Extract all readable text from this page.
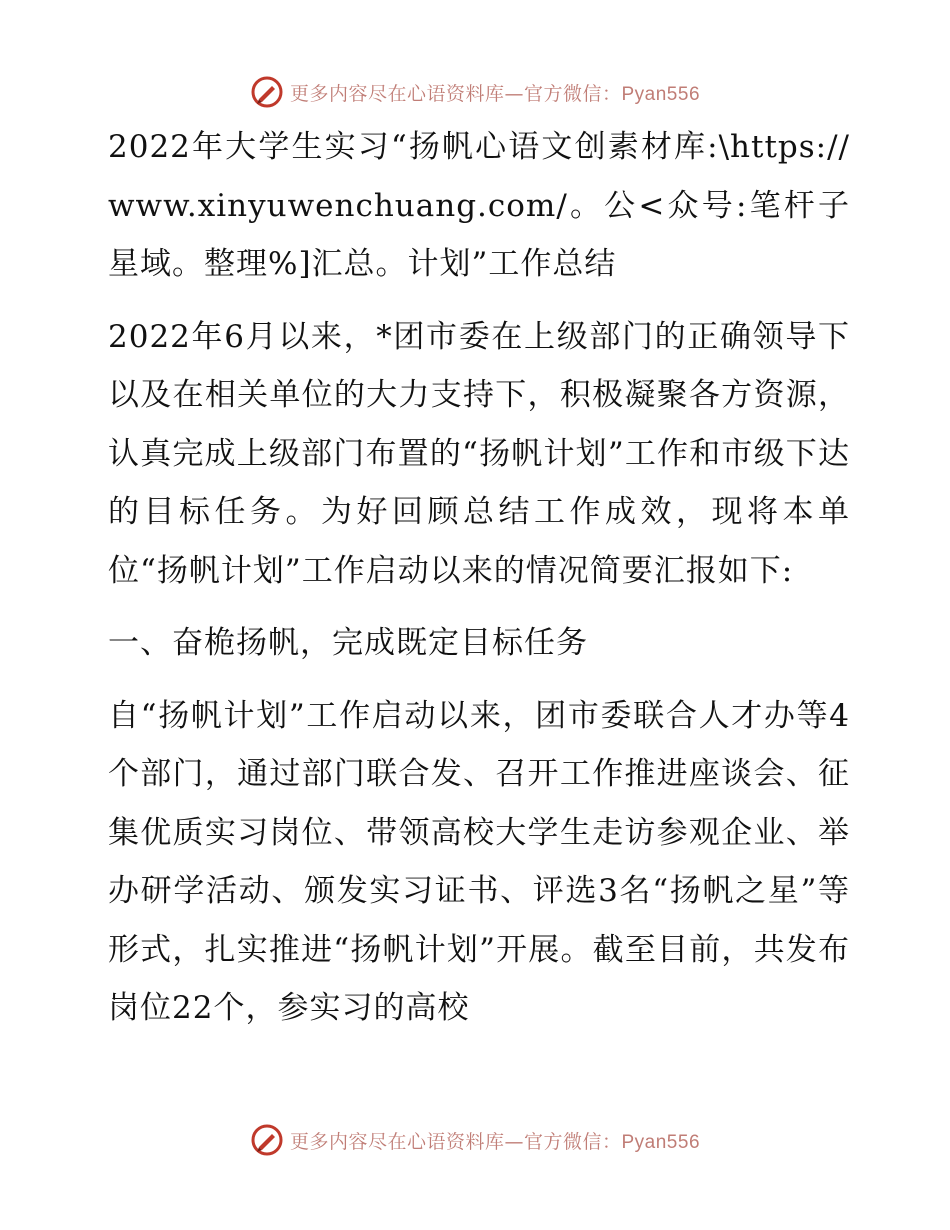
更多内容尽在心语资料库—官方微信：Pyan556

2022年大学生实习“扬帆心语文创素材库:\https://www.xinyuwenchuang.com/。公<众号:笔杆子星域。整理%]汇总。计划”工作总结

2022年6月以来，*团市委在上级部门的正确领导下以及在相关单位的大力支持下，积极凝聚各方资源，认真完成上级部门布置的“扬帆计划”工作和市级下达的目标任务。为好回顾总结工作成效，现将本单位“扬帆计划”工作启动以来的情况简要汇报如下:

一、奋桅扬帆，完成既定目标任务

自“扬帆计划”工作启动以来，团市委联合人才办等4个部门，通过部门联合发、召开工作推进座谈会、征集优质实习岗位、带领高校大学生走访参观企业、举办研学活动、颁发实习证书、评选3名“扬帆之星”等形式，扎实推进“扬帆计划”开展。截至目前，共发布岗位22个，参实习的高校

更多内容尽在心语资料库—官方微信：Pyan556
